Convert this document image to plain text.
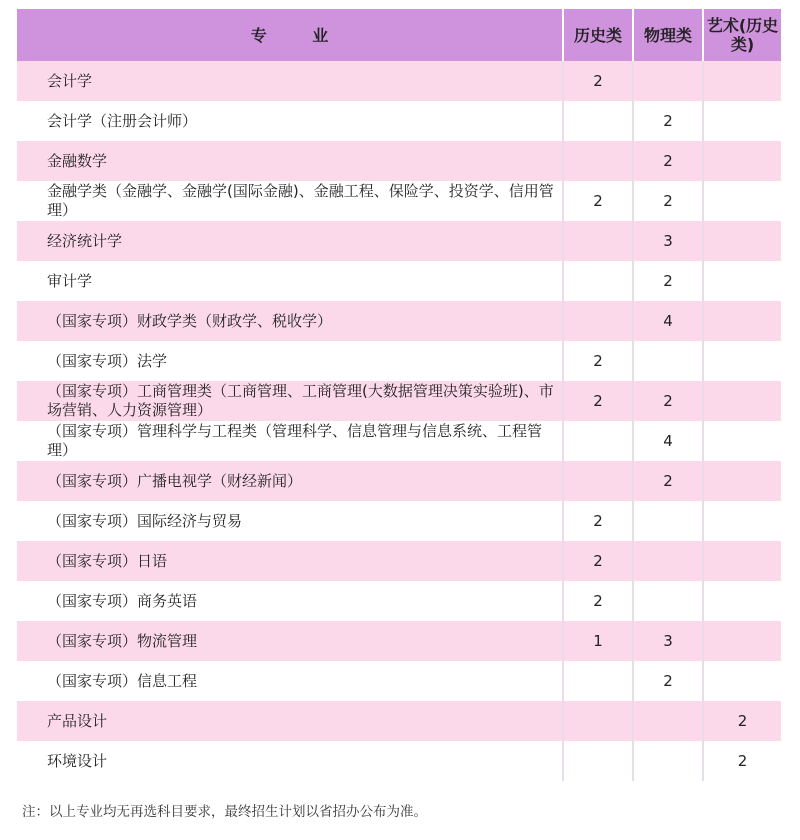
专 业	历史类	物理类	艺术(历史类)
会计学	2		
会计学（注册会计师）		2	
金融数学		2	
金融学类（金融学、金融学(国际金融)、金融工程、保险学、投资学、信用管理）	2	2	
经济统计学		3	
审计学		2	
（国家专项）财政学类（财政学、税收学）		4	
（国家专项）法学	2		
（国家专项）工商管理类（工商管理、工商管理(大数据管理决策实验班)、市场营销、人力资源管理）	2	2	
（国家专项）管理科学与工程类（管理科学、信息管理与信息系统、工程管理）		4	
（国家专项）广播电视学（财经新闻）		2	
（国家专项）国际经济与贸易	2		
（国家专项）日语	2		
（国家专项）商务英语	2		
（国家专项）物流管理	1	3	
（国家专项）信息工程		2	
产品设计			2
环境设计			2
注：以上专业均无再选科目要求，最终招生计划以省招办公布为准。
